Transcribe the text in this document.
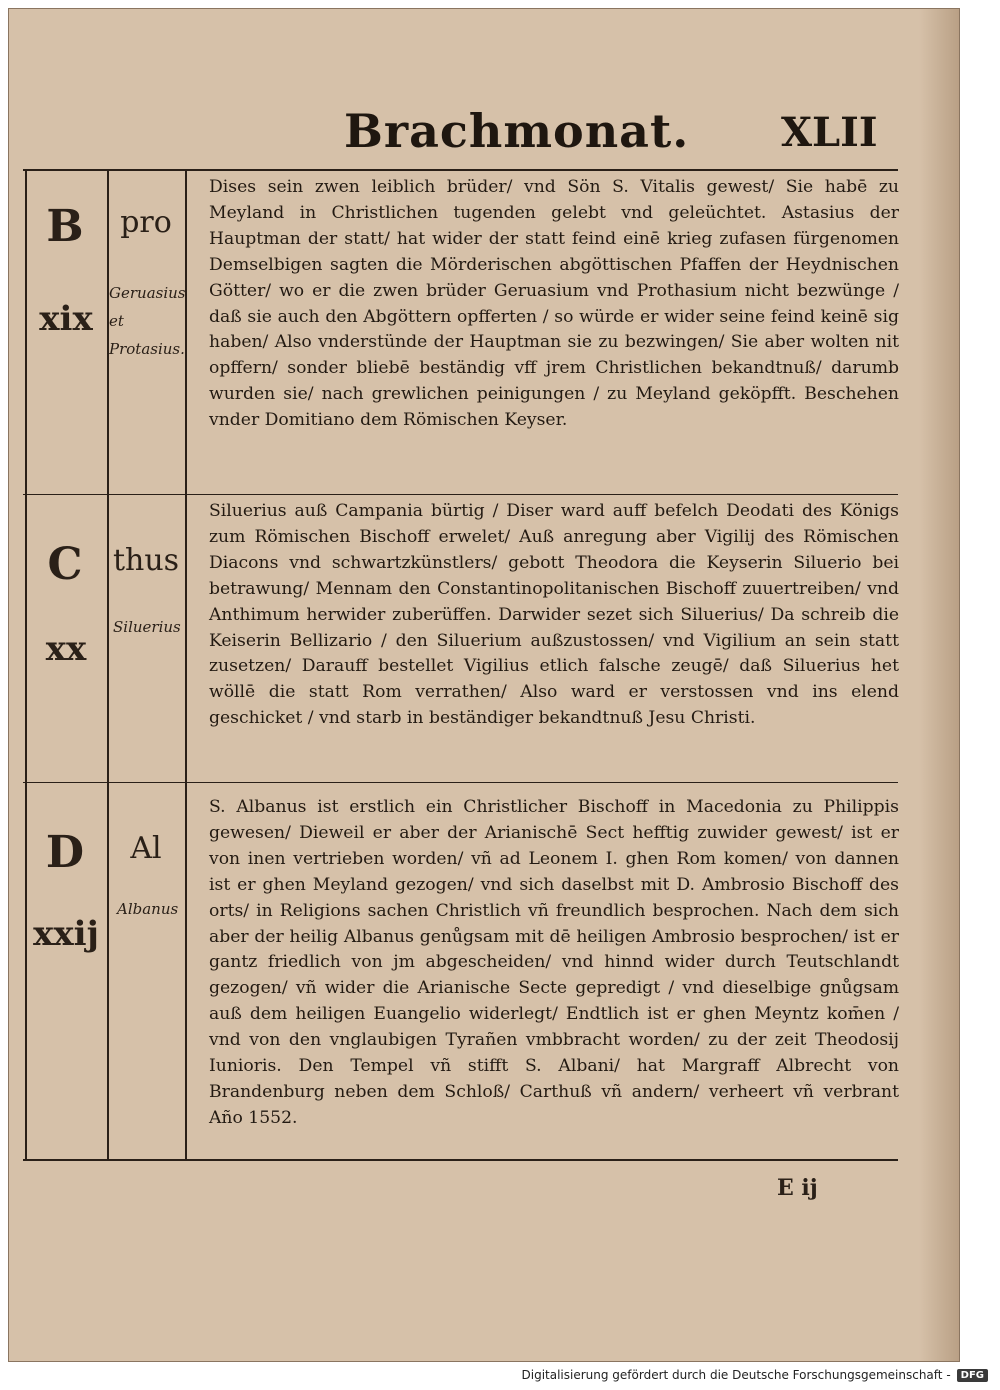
Brachmonat. XLII
B
xix
pro
Geruasius et Protasius.
Dises sein zwen leiblich brüder/ vnd Sön S. Vitalis gewest/ Sie habē zu Meyland in Christlichen tugenden gelebt vnd geleüchtet. Astasius der Hauptman der statt/ hat wider der statt feind einē krieg zufasen fürgenomen Demselbigen sagten die Mörderischen abgöttischen Pfaffen der Heydnischen Götter/ wo er die zwen brüder Geruasium vnd Prothasium nicht bezwünge / daß sie auch den Abgöttern opfferten / so würde er wider seine feind keinē sig haben/ Also vnderstünde der Hauptman sie zu bezwingen/ Sie aber wolten nit opffern/ sonder bliebē beständig vff jrem Christlichen bekandtnuß/ darumb wurden sie/ nach grewlichen peinigungen / zu Meyland geköpfft. Beschehen vnder Domitiano dem Römischen Keyser.
C
xx
thus
Siluerius
Siluerius auß Campania bürtig / Diser ward auff befelch Deodati des Königs zum Römischen Bischoff erwelet/ Auß anregung aber Vigilij des Römischen Diacons vnd schwartzkünstlers/ gebott Theodora die Keyserin Siluerio bei betrawung/ Mennam den Constantinopolitanischen Bischoff zuuertreiben/ vnd Anthimum herwider zuberüffen. Darwider sezet sich Siluerius/ Da schreib die Keiserin Bellizario / den Siluerium außzustossen/ vnd Vigilium an sein statt zusetzen/ Darauff bestellet Vigilius etlich falsche zeugē/ daß Siluerius het wöllē die statt Rom verrathen/ Also ward er verstossen vnd ins elend geschicket / vnd starb in beständiger bekandtnuß Jesu Christi.
D
xxij
Al
Albanus
S. Albanus ist erstlich ein Christlicher Bischoff in Macedonia zu Philippis gewesen/ Dieweil er aber der Arianischē Sect hefftig zuwider gewest/ ist er von inen vertrieben worden/ vñ ad Leonem I. ghen Rom komen/ von dannen ist er ghen Meyland gezogen/ vnd sich daselbst mit D. Ambrosio Bischoff des orts/ in Religions sachen Christlich vñ freundlich besprochen. Nach dem sich aber der heilig Albanus genůgsam mit dē heiligen Ambrosio besprochen/ ist er gantz friedlich von jm abgescheiden/ vnd hinnd wider durch Teutschlandt gezogen/ vñ wider die Arianische Secte gepredigt / vnd dieselbige gnůgsam auß dem heiligen Euangelio widerlegt/ Endtlich ist er ghen Meyntz kom̄en / vnd von den vnglaubigen Tyrañen vmbbracht worden/ zu der zeit Theodosij Iunioris. Den Tempel vñ stifft S. Albani/ hat Margraff Albrecht von Brandenburg neben dem Schloß/ Carthuß vñ andern/ verheert vñ verbrant Año 1552.
E ij
Digitalisierung gefördert durch die Deutsche Forschungsgemeinschaft -	DFG
